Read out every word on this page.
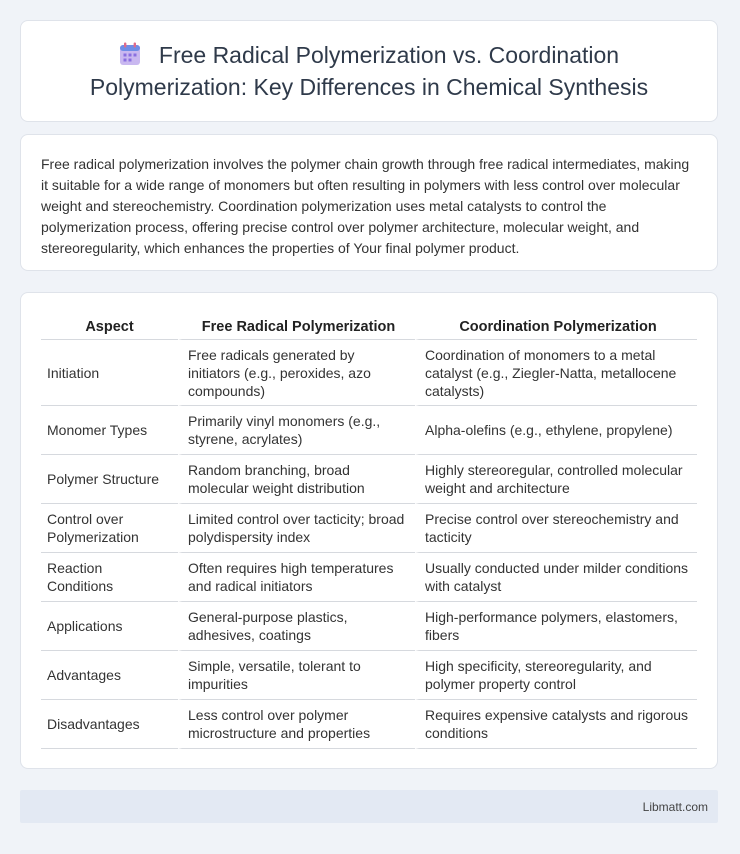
Free Radical Polymerization vs. Coordination Polymerization: Key Differences in Chemical Synthesis

Free radical polymerization involves the polymer chain growth through free radical intermediates, making it suitable for a wide range of monomers but often resulting in polymers with less control over molecular weight and stereochemistry. Coordination polymerization uses metal catalysts to control the polymerization process, offering precise control over polymer architecture, molecular weight, and stereoregularity, which enhances the properties of Your final polymer product.

Aspect	Free Radical Polymerization	Coordination Polymerization
Initiation	Free radicals generated by initiators (e.g., peroxides, azo compounds)	Coordination of monomers to a metal catalyst (e.g., Ziegler-Natta, metallocene catalysts)
Monomer Types	Primarily vinyl monomers (e.g., styrene, acrylates)	Alpha-olefins (e.g., ethylene, propylene)
Polymer Structure	Random branching, broad molecular weight distribution	Highly stereoregular, controlled molecular weight and architecture
Control over Polymerization	Limited control over tacticity; broad polydispersity index	Precise control over stereochemistry and tacticity
Reaction Conditions	Often requires high temperatures and radical initiators	Usually conducted under milder conditions with catalyst
Applications	General-purpose plastics, adhesives, coatings	High-performance polymers, elastomers, fibers
Advantages	Simple, versatile, tolerant to impurities	High specificity, stereoregularity, and polymer property control
Disadvantages	Less control over polymer microstructure and properties	Requires expensive catalysts and rigorous conditions
Libmatt.com
